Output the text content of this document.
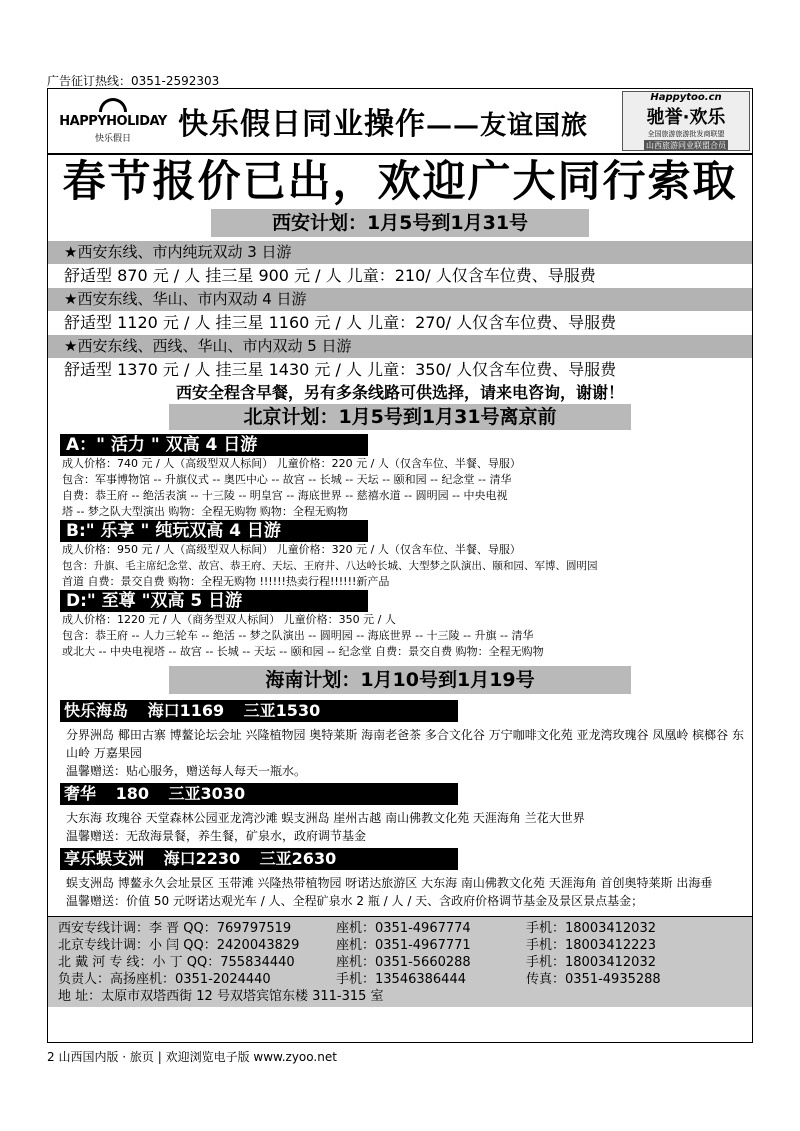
广告征订热线：0351-2592303
HAPPYHOLIDAY
快乐假日 快乐假日同业操作——友谊国旅
Happytoo.cn
驰誉·欢乐
全国旅游旅游批发商联盟
山西旅游同业联盟合员
春节报价已出，欢迎广大同行索取
西安计划：1月5号到1月31号
★西安东线、市内纯玩双动 3 日游
舒适型 870 元 / 人 挂三星 900 元 / 人 儿童：210/ 人仅含车位费、导服费
★西安东线、华山、市内双动 4 日游
舒适型 1120 元 / 人 挂三星 1160 元 / 人 儿童：270/ 人仅含车位费、导服费
★西安东线、西线、华山、市内双动 5 日游
舒适型 1370 元 / 人 挂三星 1430 元 / 人 儿童：350/ 人仅含车位费、导服费
西安全程含早餐，另有多条线路可供选择，请来电咨询，谢谢！
北京计划：1月5号到1月31号离京前
A：" 活力 " 双高 4 日游
成人价格：740 元 / 人（高级型双人标间） 儿童价格：220 元 / 人（仅含车位、半餐、导服）
包含：军事博物馆 -- 升旗仪式 -- 奥匹中心 -- 故宫 -- 长城 -- 天坛 -- 颐和园 -- 纪念堂 -- 清华
自费：恭王府 -- 绝活表演 -- 十三陵 -- 明皇宫 -- 海底世界 -- 慈禧水道 -- 圆明园 -- 中央电视
塔 -- 梦之队大型演出 购物：全程无购物 购物：全程无购物
B:" 乐享 " 纯玩双高 4 日游
成人价格：950 元 / 人（高级型双人标间） 儿童价格：320 元 / 人（仅含车位、半餐、导服）
包含：升旗、毛主席纪念堂、故宫、恭王府、天坛、王府井、八达岭长城、大型梦之队演出、颐和园、军博、圆明园
首道 自费：景交自费 购物：全程无购物 !!!!!!热卖行程!!!!!!新产品
D:" 至尊 "双高 5 日游
成人价格：1220 元 / 人（商务型双人标间） 儿童价格：350 元 / 人
包含：恭王府 -- 人力三轮车 -- 绝活 -- 梦之队演出 -- 圆明园 -- 海底世界 -- 十三陵 -- 升旗 -- 清华
或北大 -- 中央电视塔 -- 故宫 -- 长城 -- 天坛 -- 颐和园 -- 纪念堂 自费：景交自费 购物：全程无购物
海南计划：1月10号到1月19号
快乐海岛 海口1169 三亚1530
分界洲岛 椰田古寨 博鳌论坛会址 兴隆植物园 奥特莱斯 海南老爸茶 多合文化谷 万宁咖啡文化苑 亚龙湾玫瑰谷 凤凰岭 槟榔谷 东山岭 万嘉果园
温馨赠送：贴心服务，赠送每人每天一瓶水。
奢华 180 三亚3030
大东海 玫瑰谷 天堂森林公园亚龙湾沙滩 蜈支洲岛 崖州古越 南山佛教文化苑 天涯海角 兰花大世界
温馨赠送：无敌海景餐，养生餐，矿泉水，政府调节基金
享乐蜈支洲 海口2230 三亚2630
蜈支洲岛 博鳌永久会址景区 玉带滩 兴隆热带植物园 呀诺达旅游区 大东海 南山佛教文化苑 天涯海角 首创奥特莱斯 出海垂
温馨赠送：价值 50 元呀诺达观光车 / 人、全程矿泉水 2 瓶 / 人 / 天、含政府价格调节基金及景区景点基金；
西安专线计调：李 晋 QQ：769797519	座机：0351-4967774	手机：18003412032
北京专线计调：小 闫 QQ：2420043829	座机：0351-4967771	手机：18003412223
北 戴 河 专 线：小 丁 QQ：755834440	座机：0351-5660288	手机：18003412032
负责人：高扬座机：0351-2024440	手机：13546386444	传真：0351-4935288
地 址：太原市双塔西街 12 号双塔宾馆东楼 311-315 室
2 山西国内版 · 旅页 | 欢迎浏览电子版 www.zyoo.net
